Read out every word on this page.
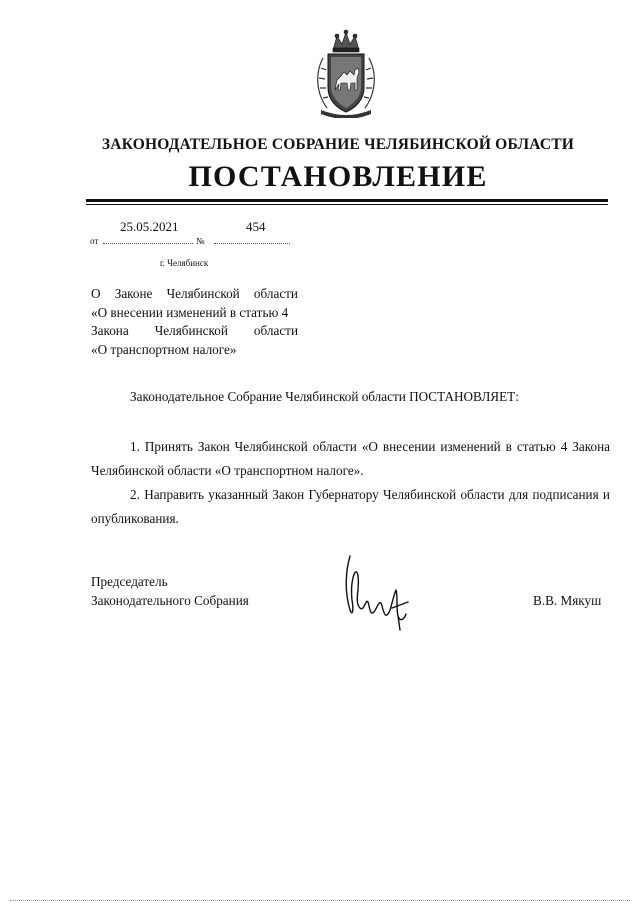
ЗАКОНОДАТЕЛЬНОЕ СОБРАНИЕ ЧЕЛЯБИНСКОЙ ОБЛАСТИ
ПОСТАНОВЛЕНИЕ
25.05.2021	454
от	№
г. Челябинск
О Законе Челябинской области
«О внесении изменений в статью 4
Закона Челябинской области
«О транспортном налоге»
Законодательное Собрание Челябинской области ПОСТАНОВЛЯЕТ:

1. Принять Закон Челябинской области «О внесении изменений в статью 4 Закона Челябинской области «О транспортном налоге».

2. Направить указанный Закон Губернатору Челябинской области для подписания и опубликования.

Председатель
Законодательного Собрания	В.В. Мякуш
